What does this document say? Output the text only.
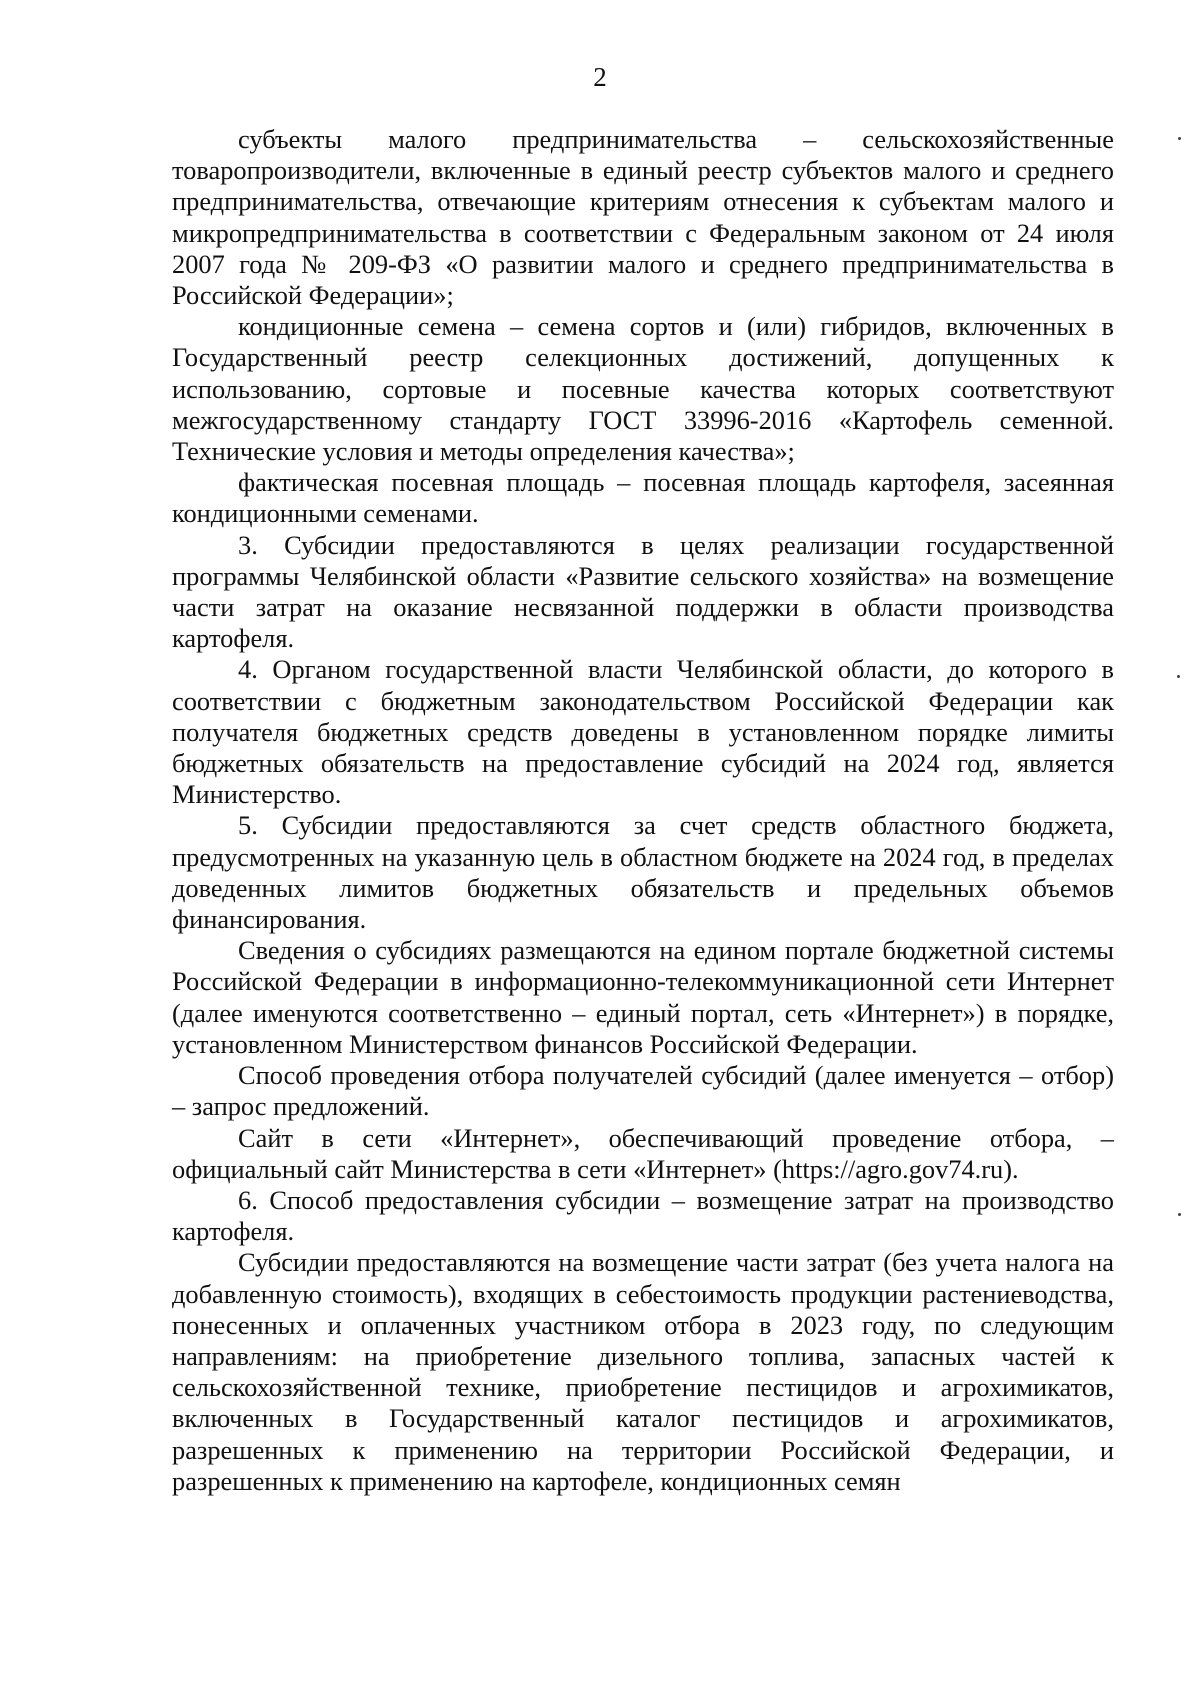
2

субъекты малого предпринимательства – сельскохозяйственные товаропроизводители, включенные в единый реестр субъектов малого и среднего предпринимательства, отвечающие критериям отнесения к субъектам малого и микропредпринимательства в соответствии с Федеральным законом от 24 июля 2007 года № 209-ФЗ «О развитии малого и среднего предпринимательства в Российской Федерации»;

кондиционные семена – семена сортов и (или) гибридов, включенных в Государственный реестр селекционных достижений, допущенных к использованию, сортовые и посевные качества которых соответствуют межгосударственному стандарту ГОСТ 33996-2016 «Картофель семенной. Технические условия и методы определения качества»;

фактическая посевная площадь – посевная площадь картофеля, засеянная кондиционными семенами.

3. Субсидии предоставляются в целях реализации государственной программы Челябинской области «Развитие сельского хозяйства» на возмещение части затрат на оказание несвязанной поддержки в области производства картофеля.

4. Органом государственной власти Челябинской области, до которого в соответствии с бюджетным законодательством Российской Федерации как получателя бюджетных средств доведены в установленном порядке лимиты бюджетных обязательств на предоставление субсидий на 2024 год, является Министерство.

5. Субсидии предоставляются за счет средств областного бюджета, предусмотренных на указанную цель в областном бюджете на 2024 год, в пределах доведенных лимитов бюджетных обязательств и предельных объемов финансирования.

Сведения о субсидиях размещаются на едином портале бюджетной системы Российской Федерации в информационно-телекоммуникационной сети Интернет (далее именуются соответственно – единый портал, сеть «Интернет») в порядке, установленном Министерством финансов Российской Федерации.

Способ проведения отбора получателей субсидий (далее именуется – отбор) – запрос предложений.

Сайт в сети «Интернет», обеспечивающий проведение отбора, – официальный сайт Министерства в сети «Интернет» (https://agro.gov74.ru).

6. Способ предоставления субсидии – возмещение затрат на производство картофеля.

Субсидии предоставляются на возмещение части затрат (без учета налога на добавленную стоимость), входящих в себестоимость продукции растениеводства, понесенных и оплаченных участником отбора в 2023 году, по следующим направлениям: на приобретение дизельного топлива, запасных частей к сельскохозяйственной технике, приобретение пестицидов и агрохимикатов, включенных в Государственный каталог пестицидов и агрохимикатов, разрешенных к применению на территории Российской Федерации, и разрешенных к применению на картофеле, кондиционных семян
